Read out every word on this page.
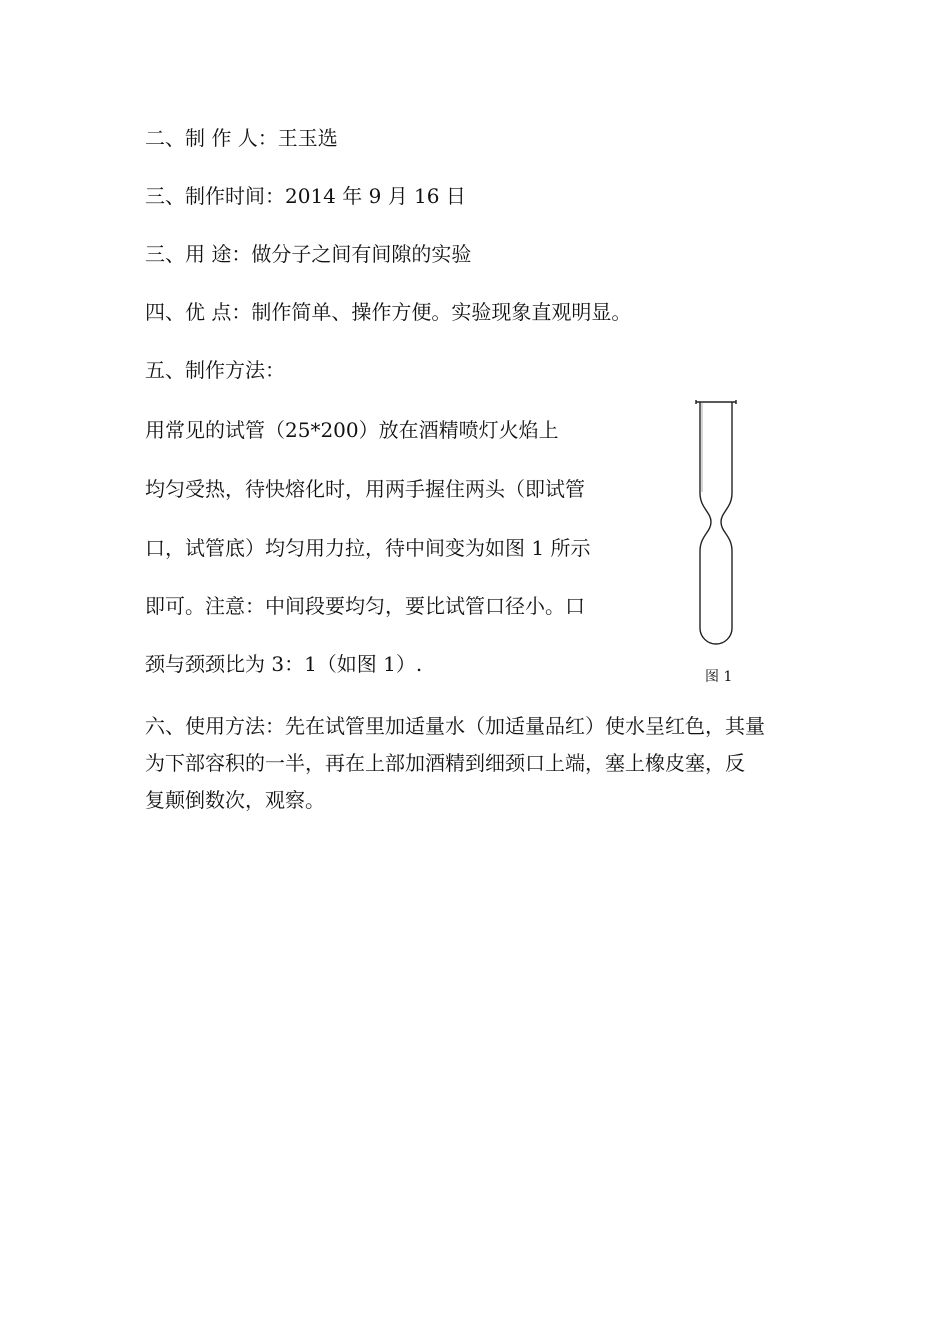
二、制 作 人：王玉选
三、制作时间：2014 年 9 月 16 日
三、用 途：做分子之间有间隙的实验
四、优 点：制作简单、操作方便。实验现象直观明显。
五、制作方法：
用常见的试管（25*200）放在酒精喷灯火焰上
均匀受热，待快熔化时，用两手握住两头（即试管
口，试管底）均匀用力拉，待中间变为如图 1 所示
即可。注意：中间段要均匀，要比试管口径小。口
颈与颈颈比为 3：1（如图 1）.
六、使用方法：先在试管里加适量水（加适量品红）使水呈红色，其量
为下部容积的一半，再在上部加酒精到细颈口上端，塞上橡皮塞，反
复颠倒数次，观察。
图 1
